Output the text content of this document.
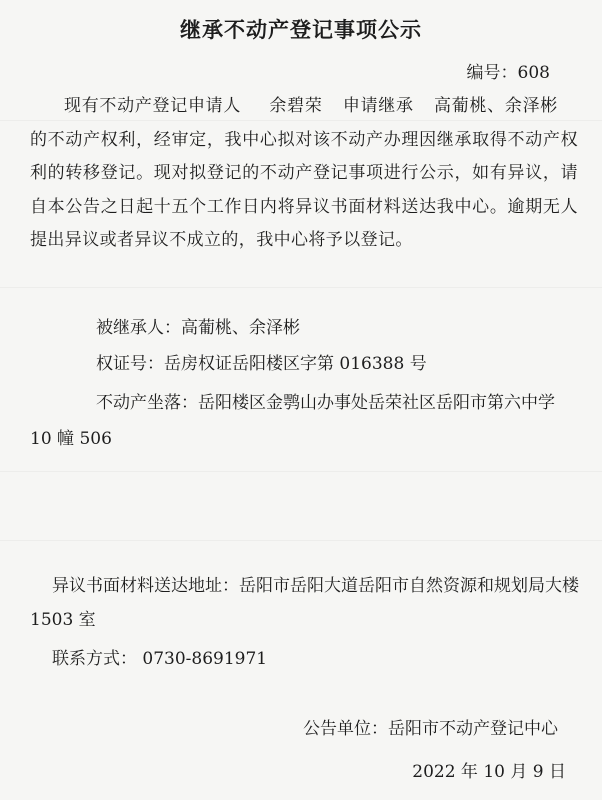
继承不动产登记事项公示
编号：608

现有不动产登记申请人 余碧荣 申请继承 高葡桃、余泽彬的不动产权利，经审定，我中心拟对该不动产办理因继承取得不动产权利的转移登记。现对拟登记的不动产登记事项进行公示，如有异议，请自本公告之日起十五个工作日内将异议书面材料送达我中心。逾期无人提出异议或者异议不成立的，我中心将予以登记。

被继承人：高葡桃、余泽彬

权证号：岳房权证岳阳楼区字第 016388 号

不动产坐落：岳阳楼区金鹗山办事处岳荣社区岳阳市第六中学 10 幢 506

异议书面材料送达地址：岳阳市岳阳大道岳阳市自然资源和规划局大楼 1503 室

联系方式： 0730-8691971

公告单位：岳阳市不动产登记中心

2022 年 10 月 9 日
